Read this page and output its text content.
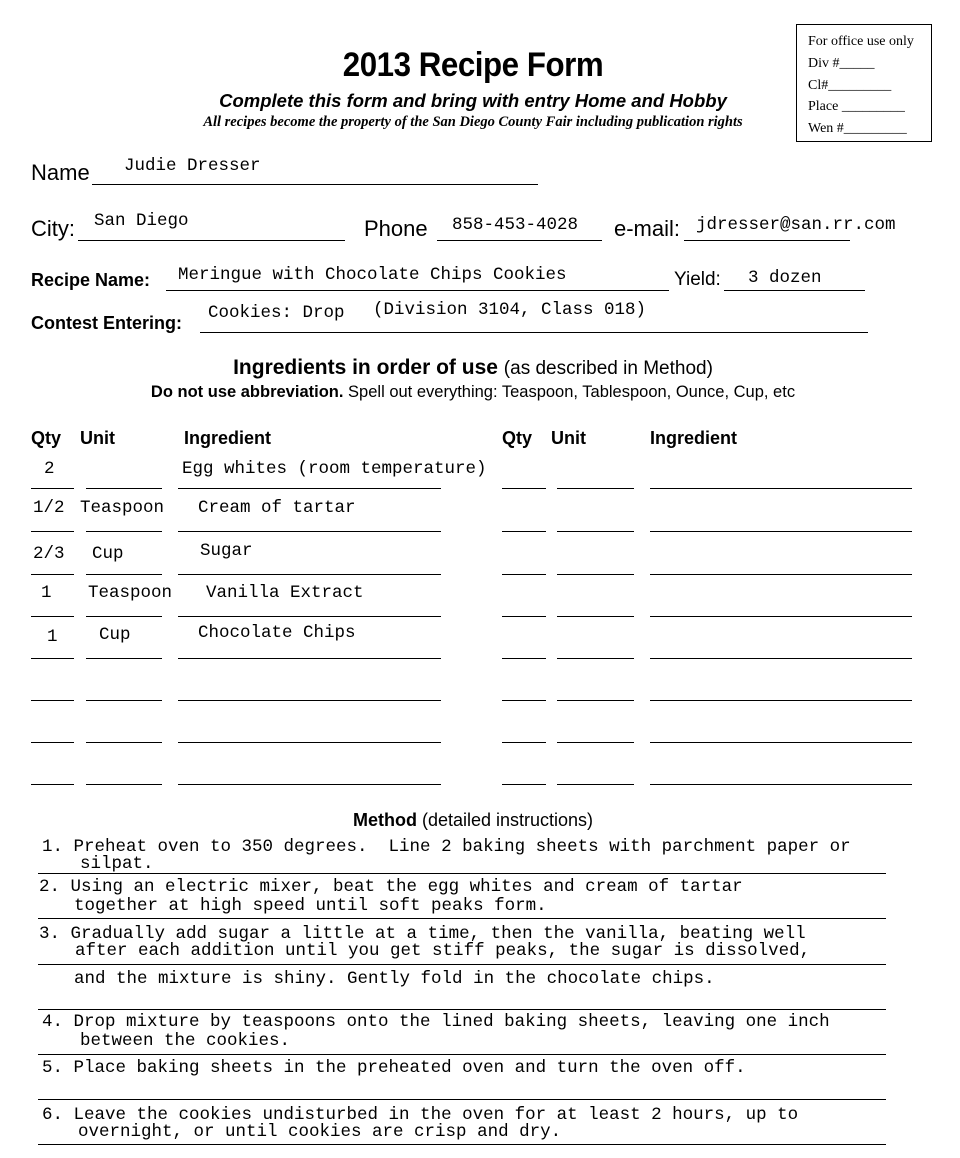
For office use only
Div #_____
Cl#_________
Place _________
Wen #_________
2013 Recipe Form
Complete this form and bring with entry Home and Hobby
All recipes become the property of the San Diego County Fair including publication rights
Name Judie Dresser
City: San Diego	Phone 858-453-4028 e-mail: jdresser@san.rr.com
Recipe Name: Meringue with Chocolate Chips Cookies	Yield: 3 dozen
Contest Entering: Cookies: Drop (Division 3104, Class 018)
Ingredients in order of use (as described in Method)
Do not use abbreviation. Spell out everything: Teaspoon, Tablespoon, Ounce, Cup, etc
Qty Unit	Ingredient	Qty Unit	Ingredient
2	Egg whites (room temperature)
1/2 Teaspoon Cream of tartar
2/3 Cup	Sugar
1 Teaspoon Vanilla Extract
1 Cup	Chocolate Chips
Method (detailed instructions)
1. Preheat oven to 350 degrees.  Line 2 baking sheets with parchment paper or
silpat.
2. Using an electric mixer, beat the egg whites and cream of tartar
together at high speed until soft peaks form.
3. Gradually add sugar a little at a time, then the vanilla, beating well
after each addition until you get stiff peaks, the sugar is dissolved,
and the mixture is shiny. Gently fold in the chocolate chips.
4. Drop mixture by teaspoons onto the lined baking sheets, leaving one inch
between the cookies.
5. Place baking sheets in the preheated oven and turn the oven off.
6. Leave the cookies undisturbed in the oven for at least 2 hours, up to
overnight, or until cookies are crisp and dry.
